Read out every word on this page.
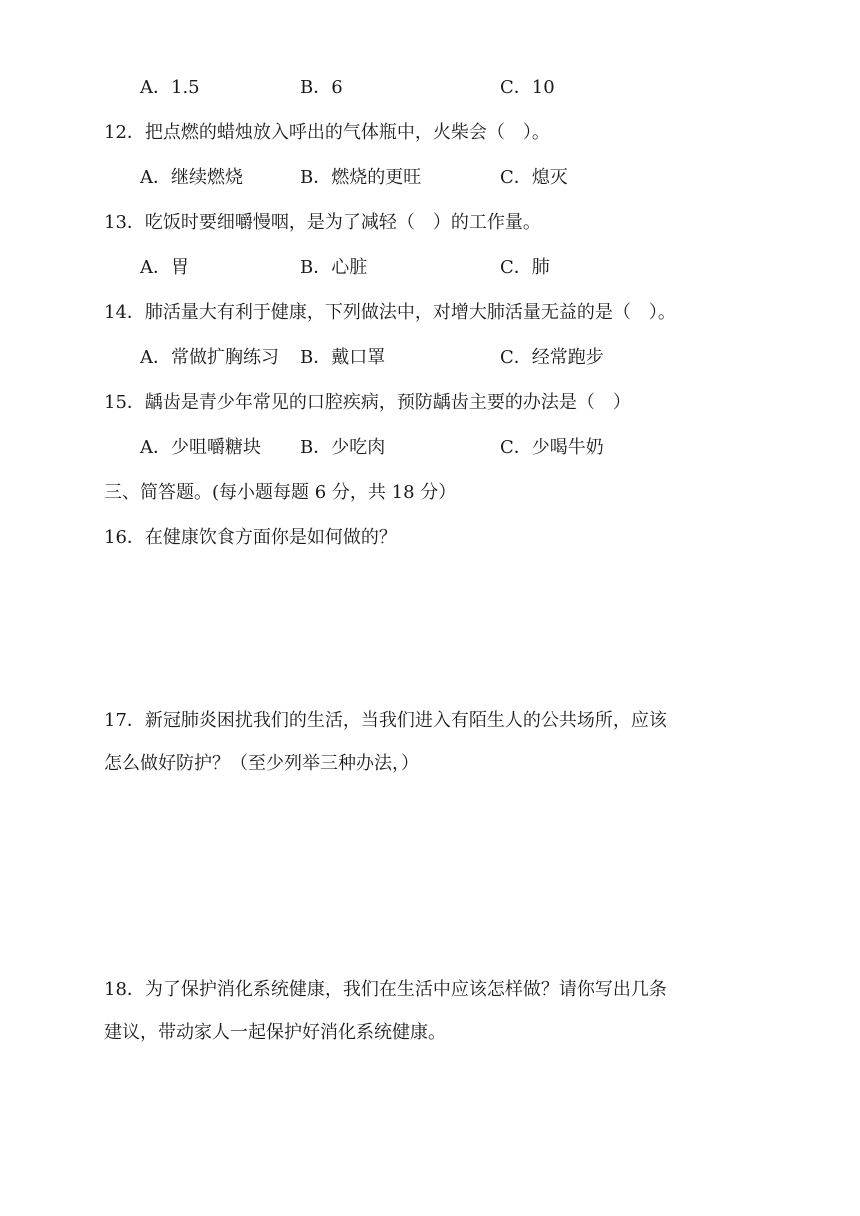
A．1.5	B．6	C．10
12．把点燃的蜡烛放入呼出的气体瓶中，火柴会（　）。
A．继续燃烧	B．燃烧的更旺	C．熄灭
13．吃饭时要细嚼慢咽，是为了减轻（　）的工作量。
A．胃	B．心脏	C．肺
14．肺活量大有利于健康，下列做法中，对增大肺活量无益的是（　）。
A．常做扩胸练习 B．戴口罩	C．经常跑步
15．龋齿是青少年常见的口腔疾病，预防龋齿主要的办法是（　）
A．少咀嚼糖块 B．少吃肉	C．少喝牛奶
三、简答题。(每小题每题 6 分，共 18 分）
16．在健康饮食方面你是如何做的？
17．新冠肺炎困扰我们的生活，当我们进入有陌生人的公共场所，应该
怎么做好防护？（至少列举三种办法，）
18．为了保护消化系统健康，我们在生活中应该怎样做？请你写出几条
建议，带动家人一起保护好消化系统健康。
